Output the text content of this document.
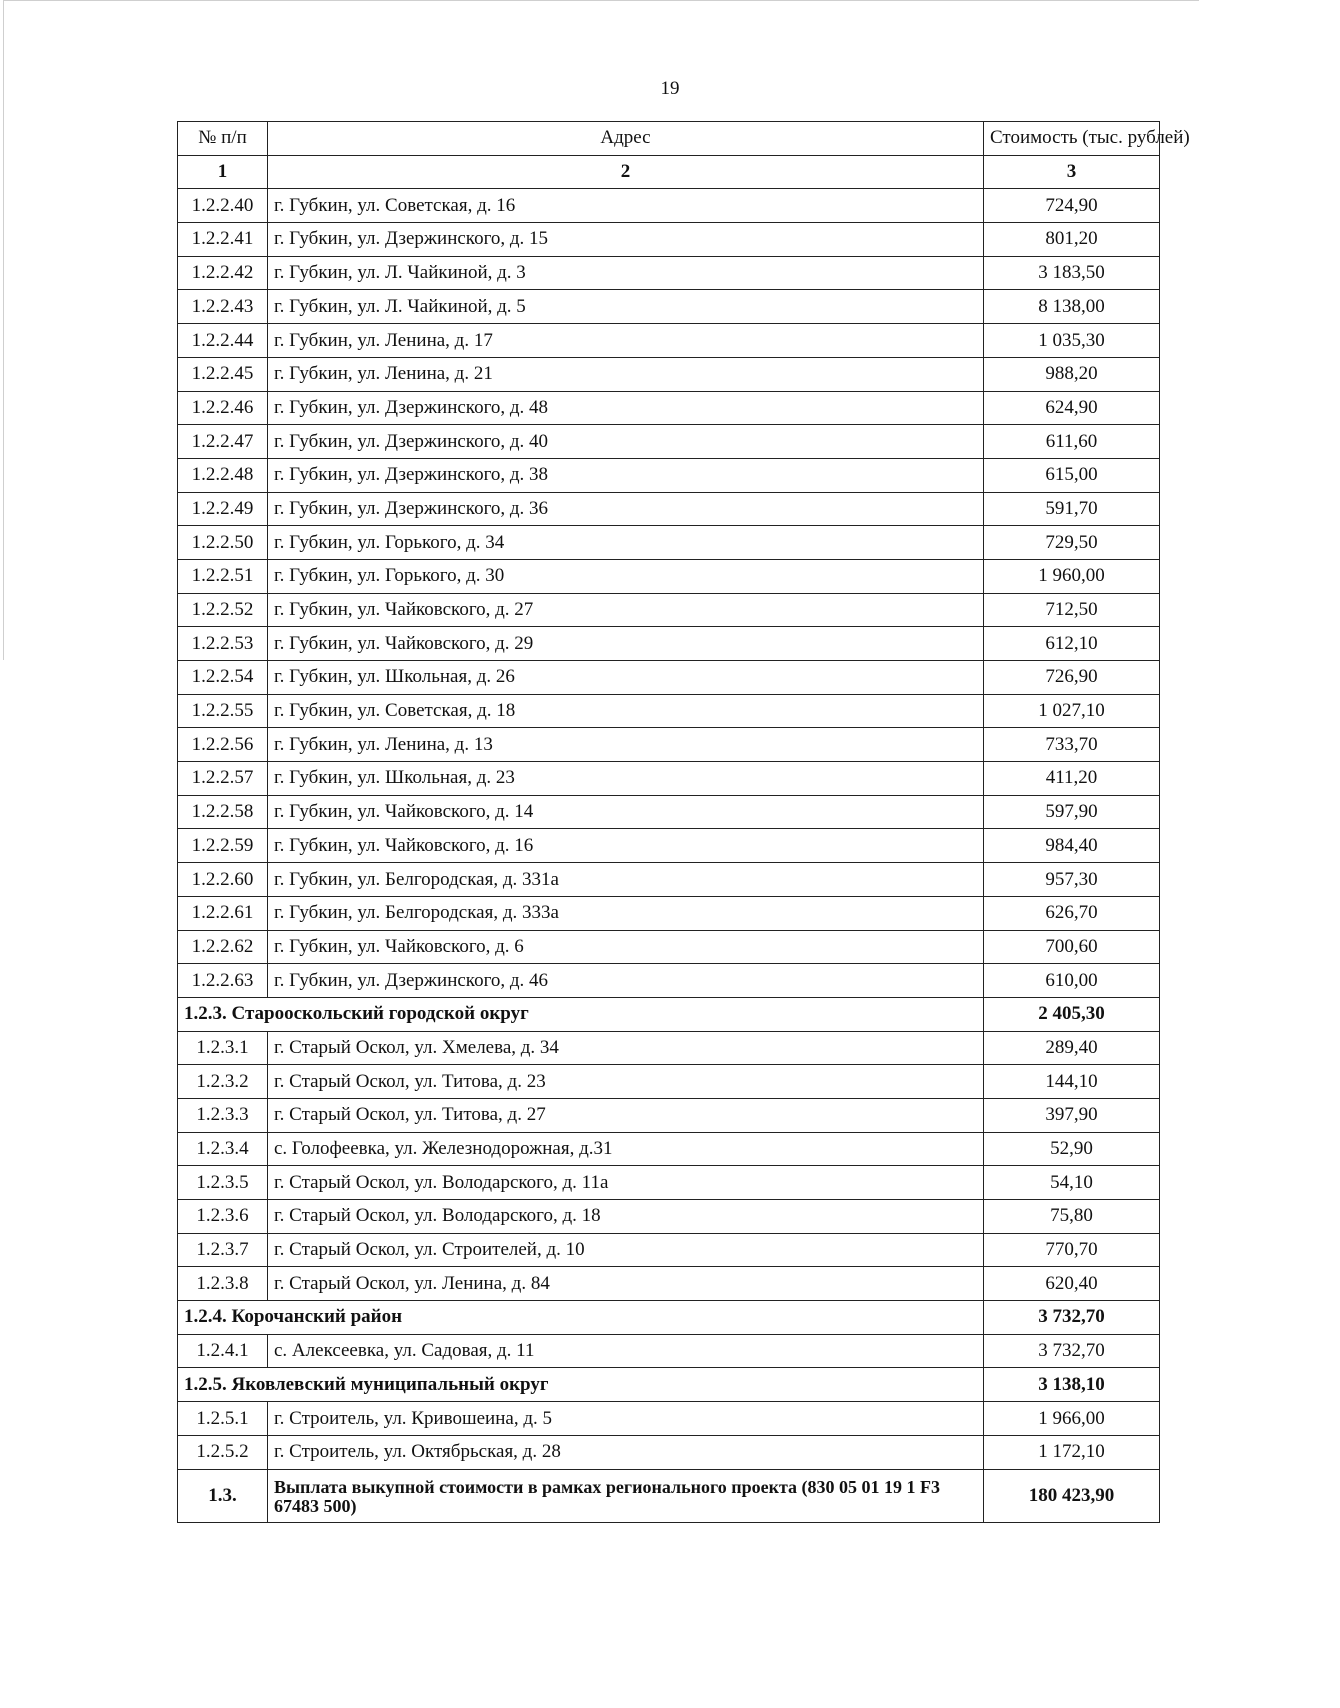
19
№ п/п	Адрес	Стоимость (тыс. рублей)
1	2	3
1.2.2.40	г. Губкин, ул. Советская, д. 16	724,90
1.2.2.41	г. Губкин, ул. Дзержинского, д. 15	801,20
1.2.2.42	г. Губкин, ул. Л. Чайкиной, д. 3	3 183,50
1.2.2.43	г. Губкин, ул. Л. Чайкиной, д. 5	8 138,00
1.2.2.44	г. Губкин, ул. Ленина, д. 17	1 035,30
1.2.2.45	г. Губкин, ул. Ленина, д. 21	988,20
1.2.2.46	г. Губкин, ул. Дзержинского, д. 48	624,90
1.2.2.47	г. Губкин, ул. Дзержинского, д. 40	611,60
1.2.2.48	г. Губкин, ул. Дзержинского, д. 38	615,00
1.2.2.49	г. Губкин, ул. Дзержинского, д. 36	591,70
1.2.2.50	г. Губкин, ул. Горького, д. 34	729,50
1.2.2.51	г. Губкин, ул. Горького, д. 30	1 960,00
1.2.2.52	г. Губкин, ул. Чайковского, д. 27	712,50
1.2.2.53	г. Губкин, ул. Чайковского, д. 29	612,10
1.2.2.54	г. Губкин, ул. Школьная, д. 26	726,90
1.2.2.55	г. Губкин, ул. Советская, д. 18	1 027,10
1.2.2.56	г. Губкин, ул. Ленина, д. 13	733,70
1.2.2.57	г. Губкин, ул. Школьная, д. 23	411,20
1.2.2.58	г. Губкин, ул. Чайковского, д. 14	597,90
1.2.2.59	г. Губкин, ул. Чайковского, д. 16	984,40
1.2.2.60	г. Губкин, ул. Белгородская, д. 331а	957,30
1.2.2.61	г. Губкин, ул. Белгородская, д. 333а	626,70
1.2.2.62	г. Губкин, ул. Чайковского, д. 6	700,60
1.2.2.63	г. Губкин, ул. Дзержинского, д. 46	610,00
1.2.3. Старооскольский городской округ		2 405,30
1.2.3.1	г. Старый Оскол, ул. Хмелева, д. 34	289,40
1.2.3.2	г. Старый Оскол, ул. Титова, д. 23	144,10
1.2.3.3	г. Старый Оскол, ул. Титова, д. 27	397,90
1.2.3.4	с. Голофеевка, ул. Железнодорожная, д.31	52,90
1.2.3.5	г. Старый Оскол, ул. Володарского, д. 11а	54,10
1.2.3.6	г. Старый Оскол, ул. Володарского, д. 18	75,80
1.2.3.7	г. Старый Оскол, ул. Строителей, д. 10	770,70
1.2.3.8	г. Старый Оскол, ул. Ленина, д. 84	620,40
1.2.4. Корочанский район		3 732,70
1.2.4.1	с. Алексеевка, ул. Садовая, д. 11	3 732,70
1.2.5. Яковлевский муниципальный округ		3 138,10
1.2.5.1	г. Строитель, ул. Кривошеина, д. 5	1 966,00
1.2.5.2	г. Строитель, ул. Октябрьская, д. 28	1 172,10
1.3.	Выплата выкупной стоимости в рамках регионального проекта (830 05 01 19 1 F3 67483 500)	180 423,90
